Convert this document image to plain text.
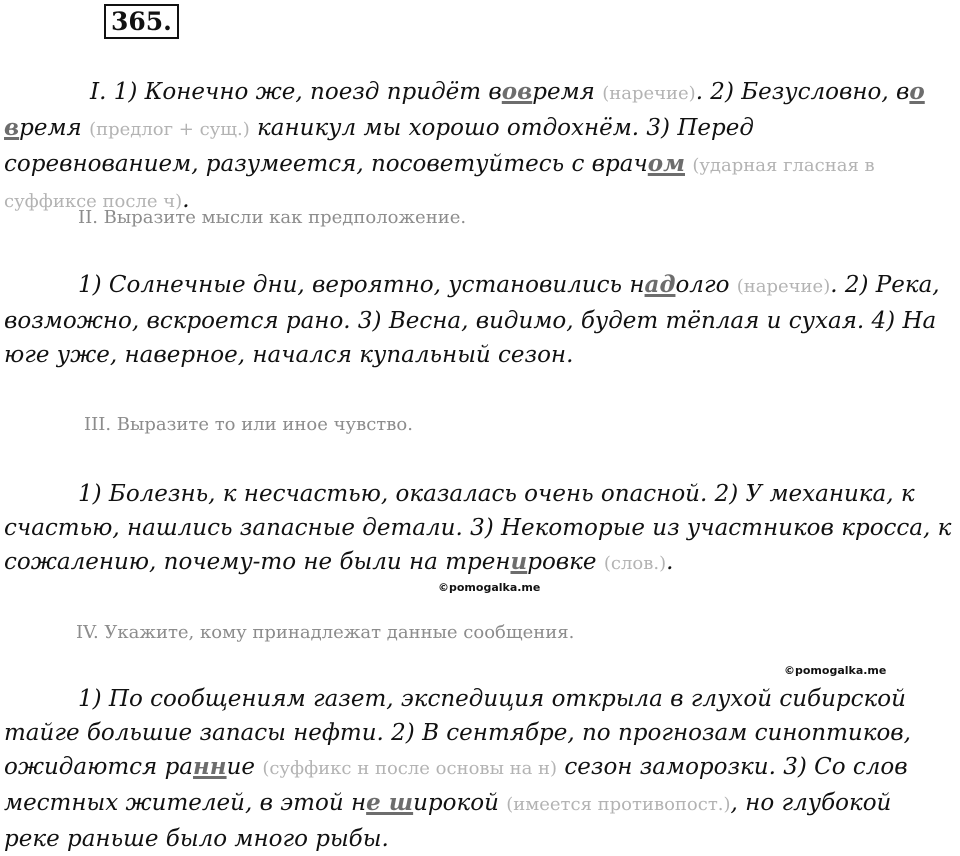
365.

I. 1) Конечно же, поезд придёт вовремя (наречие). 2) Безусловно, во время (предлог + сущ.) каникул мы хорошо отдохнём. 3) Перед соревнованием, разумеется, посоветуйтесь с врачом (ударная гласная в суффиксе после ч).

II. Выразите мысли как предположение.

1) Солнечные дни, вероятно, установились надолго (наречие). 2) Река, возможно, вскроется рано. 3) Весна, видимо, будет тёплая и сухая. 4) На юге уже, наверное, начался купальный сезон.

III. Выразите то или иное чувство.

1) Болезнь, к несчастью, оказалась очень опасной. 2) У механика, к счастью, нашлись запасные детали. 3) Некоторые из участников кросса, к сожалению, почему-то не были на тренировке (слов.).

©pomogalka.me

IV. Укажите, кому принадлежат данные сообщения.

©pomogalka.me

1) По сообщениям газет, экспедиция открыла в глухой сибирской тайге большие запасы нефти. 2) В сентябре, по прогнозам синоптиков, ожидаются ранние (суффикс н после основы на н) сезон заморозки. 3) Со слов местных жителей, в этой не широкой (имеется противопост.), но глубокой реке раньше было много рыбы.
